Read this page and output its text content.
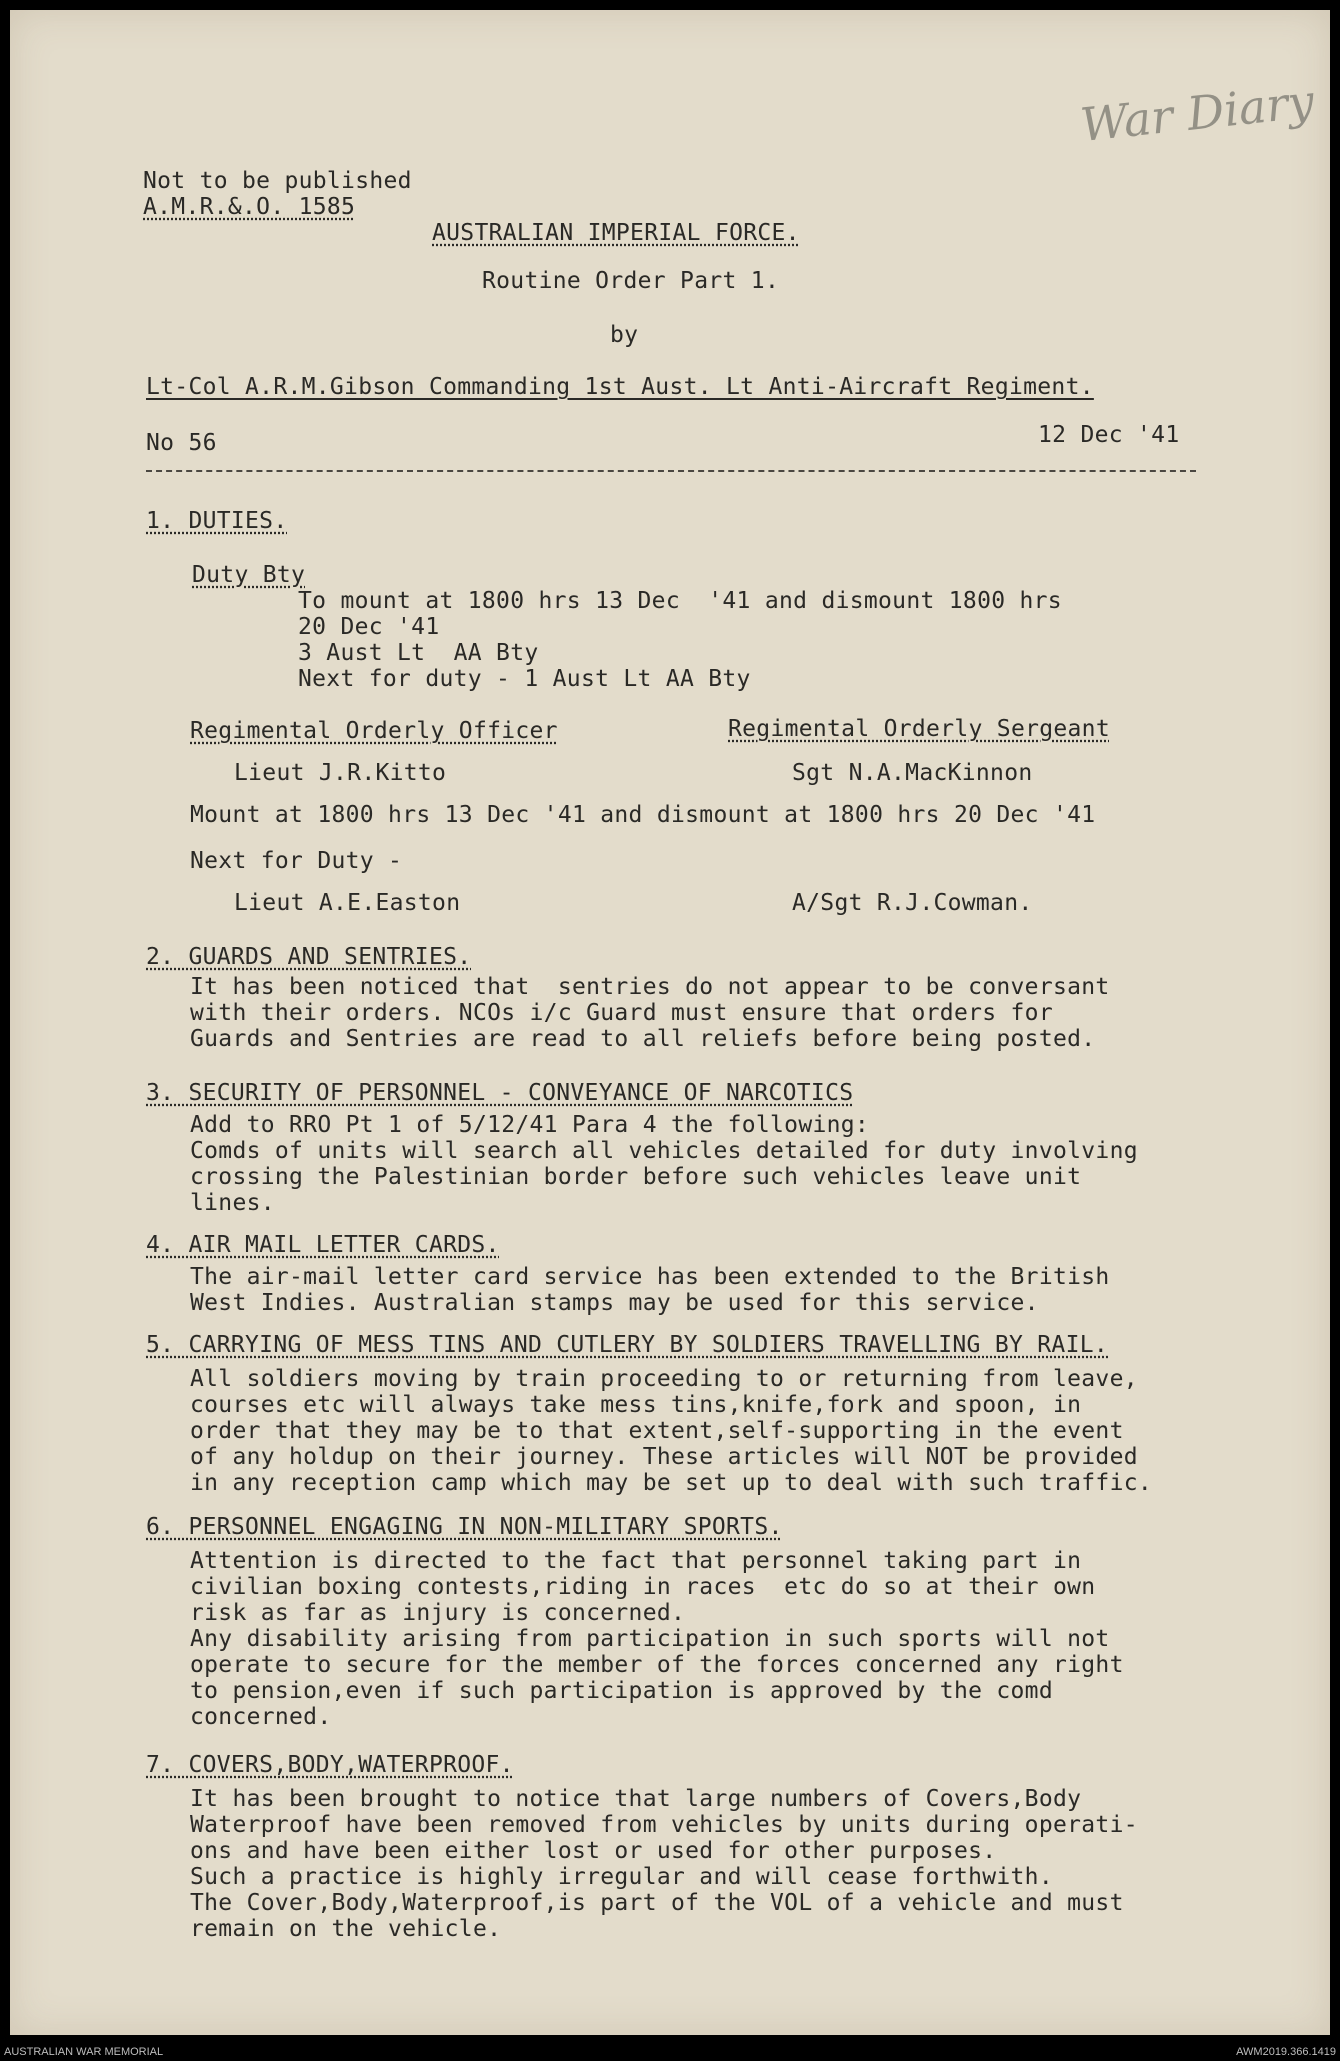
War Diary
Not to be published
A.M.R.&.O. 1585
AUSTRALIAN IMPERIAL FORCE.
Routine Order Part 1.
by
Lt-Col A.R.M.Gibson Commanding 1st Aust. Lt Anti-Aircraft Regiment.
No 56	12 Dec '41
1. DUTIES.
Duty Bty
To mount at 1800 hrs 13 Dec  '41 and dismount 1800 hrs
20 Dec '41
3 Aust Lt  AA Bty
Next for duty - 1 Aust Lt AA Bty
Regimental Orderly Officer	Regimental Orderly Sergeant
Lieut J.R.Kitto	Sgt N.A.MacKinnon
Mount at 1800 hrs 13 Dec '41 and dismount at 1800 hrs 20 Dec '41
Next for Duty -
Lieut A.E.Easton	A/Sgt R.J.Cowman.
2. GUARDS AND SENTRIES.
It has been noticed that  sentries do not appear to be conversant
with their orders. NCOs i/c Guard must ensure that orders for
Guards and Sentries are read to all reliefs before being posted.
3. SECURITY OF PERSONNEL - CONVEYANCE OF NARCOTICS
Add to RRO Pt 1 of 5/12/41 Para 4 the following:
Comds of units will search all vehicles detailed for duty involving
crossing the Palestinian border before such vehicles leave unit
lines.
4. AIR MAIL LETTER CARDS.
The air-mail letter card service has been extended to the British
West Indies. Australian stamps may be used for this service.
5. CARRYING OF MESS TINS AND CUTLERY BY SOLDIERS TRAVELLING BY RAIL.
All soldiers moving by train proceeding to or returning from leave,
courses etc will always take mess tins,knife,fork and spoon, in
order that they may be to that extent,self-supporting in the event
of any holdup on their journey. These articles will NOT be provided
in any reception camp which may be set up to deal with such traffic.
6. PERSONNEL ENGAGING IN NON-MILITARY SPORTS.
Attention is directed to the fact that personnel taking part in
civilian boxing contests,riding in races  etc do so at their own
risk as far as injury is concerned.
Any disability arising from participation in such sports will not
operate to secure for the member of the forces concerned any right
to pension,even if such participation is approved by the comd
concerned.
7. COVERS,BODY,WATERPROOF.
It has been brought to notice that large numbers of Covers,Body
Waterproof have been removed from vehicles by units during operati-
ons and have been either lost or used for other purposes.
Such a practice is highly irregular and will cease forthwith.
The Cover,Body,Waterproof,is part of the VOL of a vehicle and must
remain on the vehicle.
AUSTRALIAN WAR MEMORIAL	AWM2019.366.1419
